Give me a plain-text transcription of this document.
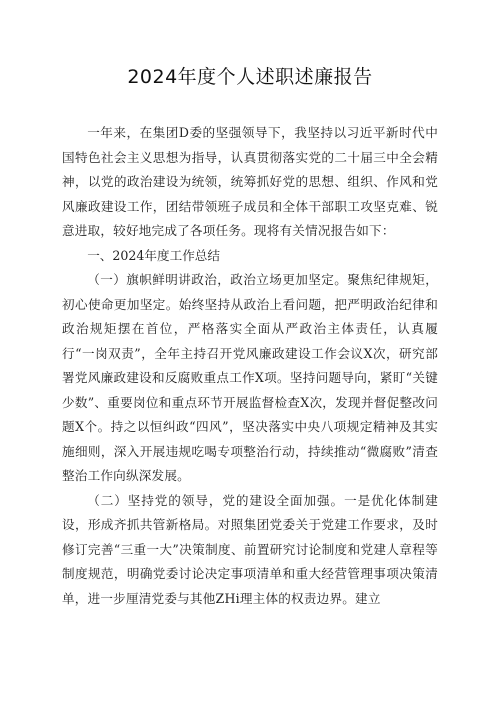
2024年度个人述职述廉报告

一年来，在集团D委的坚强领导下，我坚持以习近平新时代中国特色社会主义思想为指导，认真贯彻落实党的二十届三中全会精神，以党的政治建设为统领，统筹抓好党的思想、组织、作风和党风廉政建设工作，团结带领班子成员和全体干部职工攻坚克难、锐意进取，较好地完成了各项任务。现将有关情况报告如下：

一、2024年度工作总结

（一）旗帜鲜明讲政治，政治立场更加坚定。聚焦纪律规矩，初心使命更加坚定。始终坚持从政治上看问题，把严明政治纪律和政治规矩摆在首位，严格落实全面从严政治主体责任，认真履行“一岗双责”，全年主持召开党风廉政建设工作会议X次，研究部署党风廉政建设和反腐败重点工作X项。坚持问题导向，紧盯“关键少数”、重要岗位和重点环节开展监督检查X次，发现并督促整改问题X个。持之以恒纠政“四风”，坚决落实中央八项规定精神及其实施细则，深入开展违规吃喝专项整治行动，持续推动“微腐败”清查整治工作向纵深发展。

（二）坚持党的领导，党的建设全面加强。一是优化体制建设，形成齐抓共管新格局。对照集团党委关于党建工作要求，及时修订完善“三重一大”决策制度、前置研究讨论制度和党建人章程等制度规范，明确党委讨论决定事项清单和重大经营管理事项决策清单，进一步厘清党委与其他ZHi理主体的权责边界。建立
